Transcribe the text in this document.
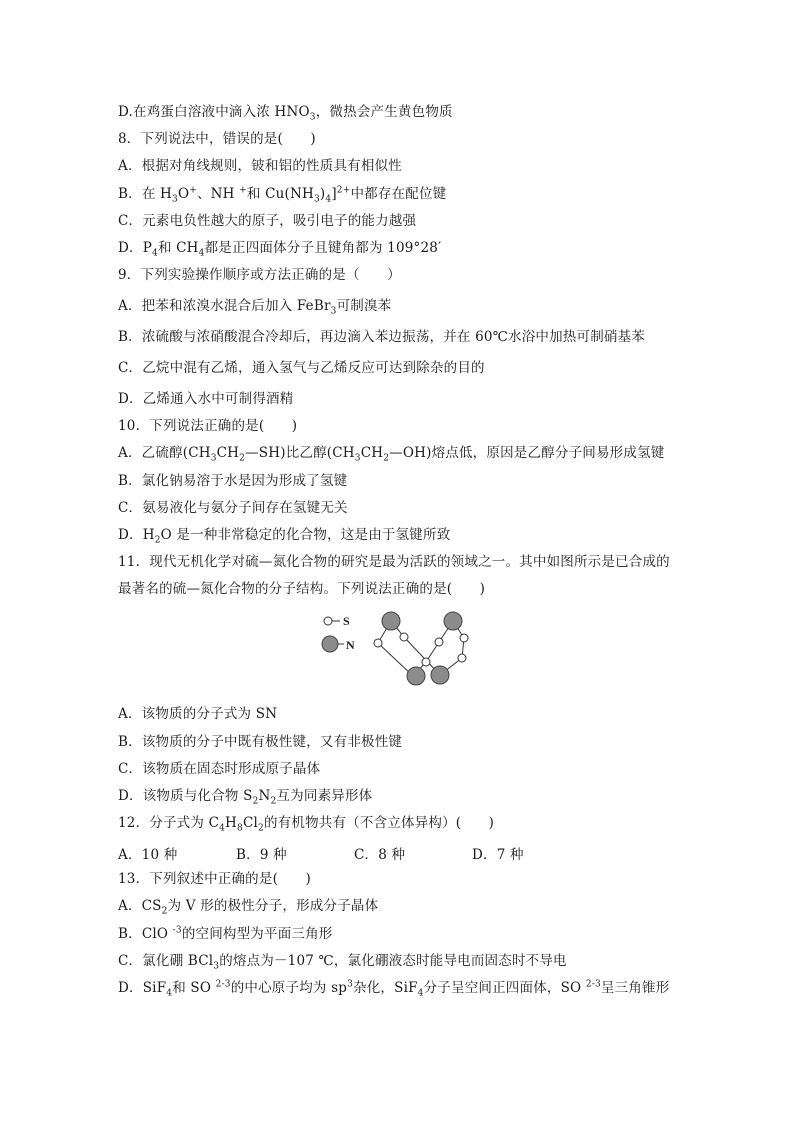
D.在鸡蛋白溶液中滴入浓 $HNO_3$，微热会产生黄色物质
8．下列说法中，错误的是(　　)
A．根据对角线规则，铍和铝的性质具有相似性
B．在 $H_3O^+$、NH +和 $Cu(NH_3)_4]^{2+}$中都存在配位键
C．元素电负性越大的原子，吸引电子的能力越强
D．$P_4$和 $CH_4$都是正四面体分子且键角都为 109°28′
9．下列实验操作顺序或方法正确的是（　　）
A．把苯和浓溴水混合后加入 FeBr$_3$可制溴苯
B．浓硫酸与浓硝酸混合冷却后，再边滴入苯边振荡，并在 60℃水浴中加热可制硝基苯
C．乙烷中混有乙烯，通入氢气与乙烯反应可达到除杂的目的
D．乙烯通入水中可制得酒精
10．下列说法正确的是(　　)
A．乙硫醇$(CH_3CH_2—SH)$比乙醇$(CH_3CH_2—OH)$熔点低，原因是乙醇分子间易形成氢键
B．氯化钠易溶于水是因为形成了氢键
C．氨易液化与氨分子间存在氢键无关
D．$H_2O$ 是一种非常稳定的化合物，这是由于氢键所致
11．现代无机化学对硫—氮化合物的研究是最为活跃的领域之一。其中如图所示是已合成的
最著名的硫—氮化合物的分子结构。下列说法正确的是(　　)
S
N
A．该物质的分子式为 SN
B．该物质的分子中既有极性键，又有非极性键
C．该物质在固态时形成原子晶体
D．该物质与化合物 $S_2N_2$互为同素异形体
12．分子式为 $C_4H_8Cl_2$的有机物共有（不含立体异构）(　　)
A．10 种	B．9 种	C．8 种	D．7 种
13．下列叙述中正确的是(　　)
A．$CS_2$为 V 形的极性分子，形成分子晶体
B．ClO $^{-3}$的空间构型为平面三角形
C．氯化硼 BCl$_3$的熔点为－107 ℃，氯化硼液态时能导电而固态时不导电
D．SiF$_4$和 SO $^{2-3}$的中心原子均为 $sp^3$杂化，SiF$_4$分子呈空间正四面体，SO $^{2-3}$呈三角锥形
